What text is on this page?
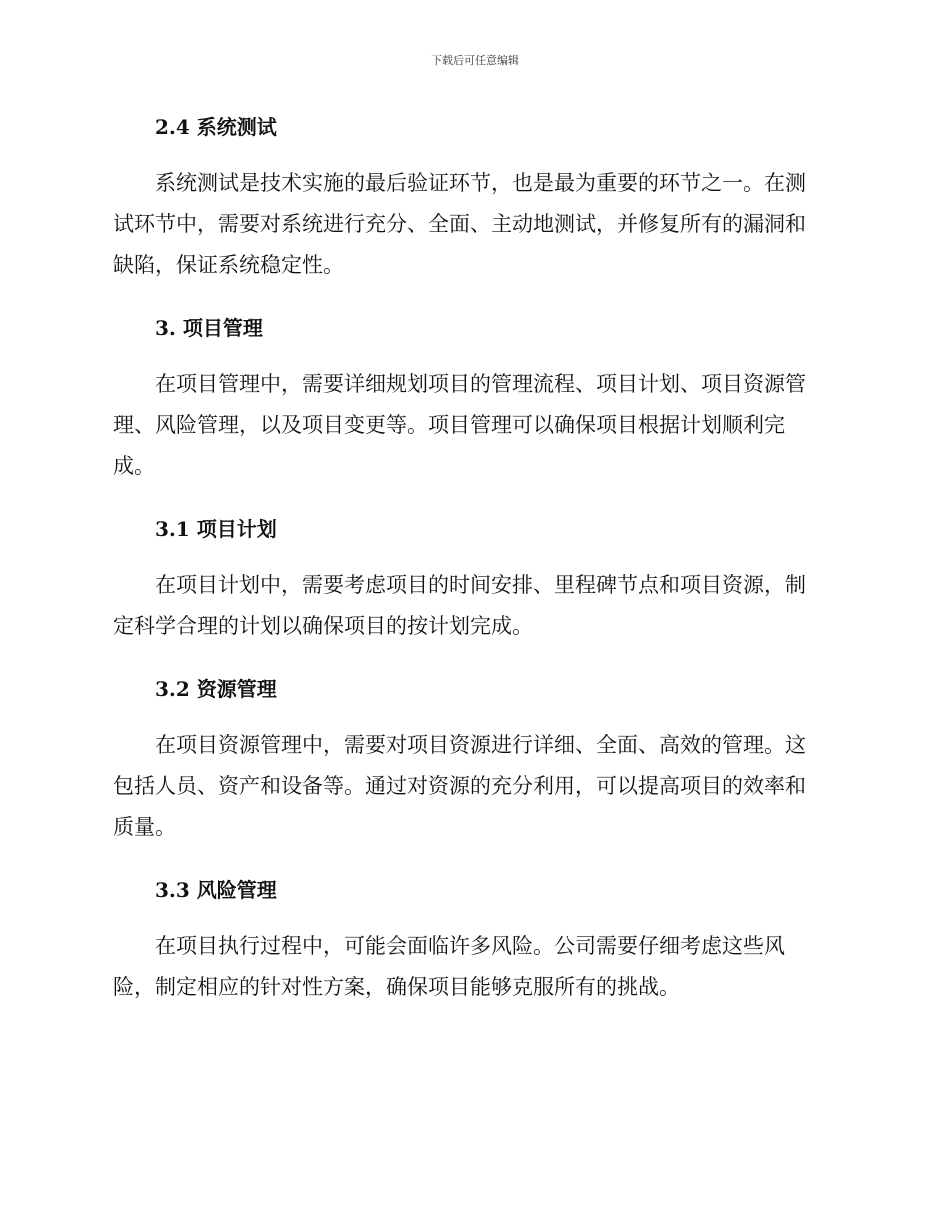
下载后可任意编辑
2.4 系统测试

系统测试是技术实施的最后验证环节，也是最为重要的环节之一。在测
试环节中，需要对系统进行充分、全面、主动地测试，并修复所有的漏洞和
缺陷，保证系统稳定性。

3. 项目管理

在项目管理中，需要详细规划项目的管理流程、项目计划、项目资源管
理、风险管理，以及项目变更等。项目管理可以确保项目根据计划顺利完
成。

3.1 项目计划

在项目计划中，需要考虑项目的时间安排、里程碑节点和项目资源，制
定科学合理的计划以确保项目的按计划完成。

3.2 资源管理

在项目资源管理中，需要对项目资源进行详细、全面、高效的管理。这
包括人员、资产和设备等。通过对资源的充分利用，可以提高项目的效率和
质量。

3.3 风险管理

在项目执行过程中，可能会面临许多风险。公司需要仔细考虑这些风
险，制定相应的针对性方案，确保项目能够克服所有的挑战。
